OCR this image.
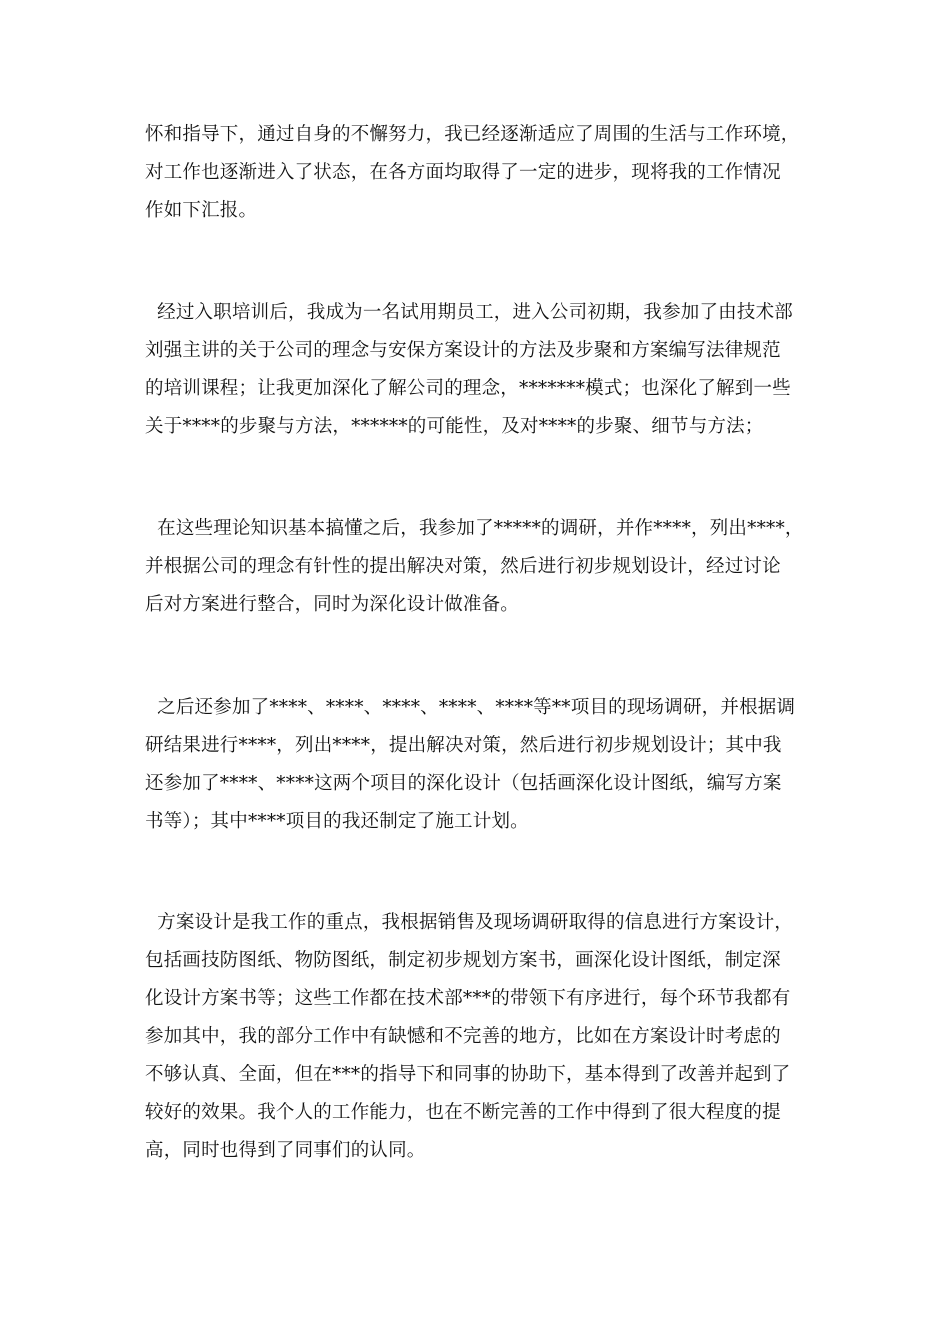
怀和指导下，通过自身的不懈努力，我已经逐渐适应了周围的生活与工作环境，
对工作也逐渐进入了状态，在各方面均取得了一定的进步，现将我的工作情况
作如下汇报。
经过入职培训后，我成为一名试用期员工，进入公司初期，我参加了由技术部
刘强主讲的关于公司的理念与安保方案设计的方法及步聚和方案编写法律规范
的培训课程；让我更加深化了解公司的理念，*******模式；也深化了解到一些
关于****的步聚与方法，******的可能性，及对****的步聚、细节与方法；
在这些理论知识基本搞懂之后，我参加了*****的调研，并作****，列出****，
并根据公司的理念有针性的提出解决对策，然后进行初步规划设计，经过讨论
后对方案进行整合，同时为深化设计做准备。
之后还参加了****、****、****、****、****等**项目的现场调研，并根据调
研结果进行****，列出****，提出解决对策，然后进行初步规划设计；其中我
还参加了****、****这两个项目的深化设计（包括画深化设计图纸，编写方案
书等）；其中****项目的我还制定了施工计划。
方案设计是我工作的重点，我根据销售及现场调研取得的信息进行方案设计，
包括画技防图纸、物防图纸，制定初步规划方案书，画深化设计图纸，制定深
化设计方案书等；这些工作都在技术部***的带领下有序进行，每个环节我都有
参加其中，我的部分工作中有缺憾和不完善的地方，比如在方案设计时考虑的
不够认真、全面，但在***的指导下和同事的协助下，基本得到了改善并起到了
较好的效果。我个人的工作能力，也在不断完善的工作中得到了很大程度的提
高，同时也得到了同事们的认同。
